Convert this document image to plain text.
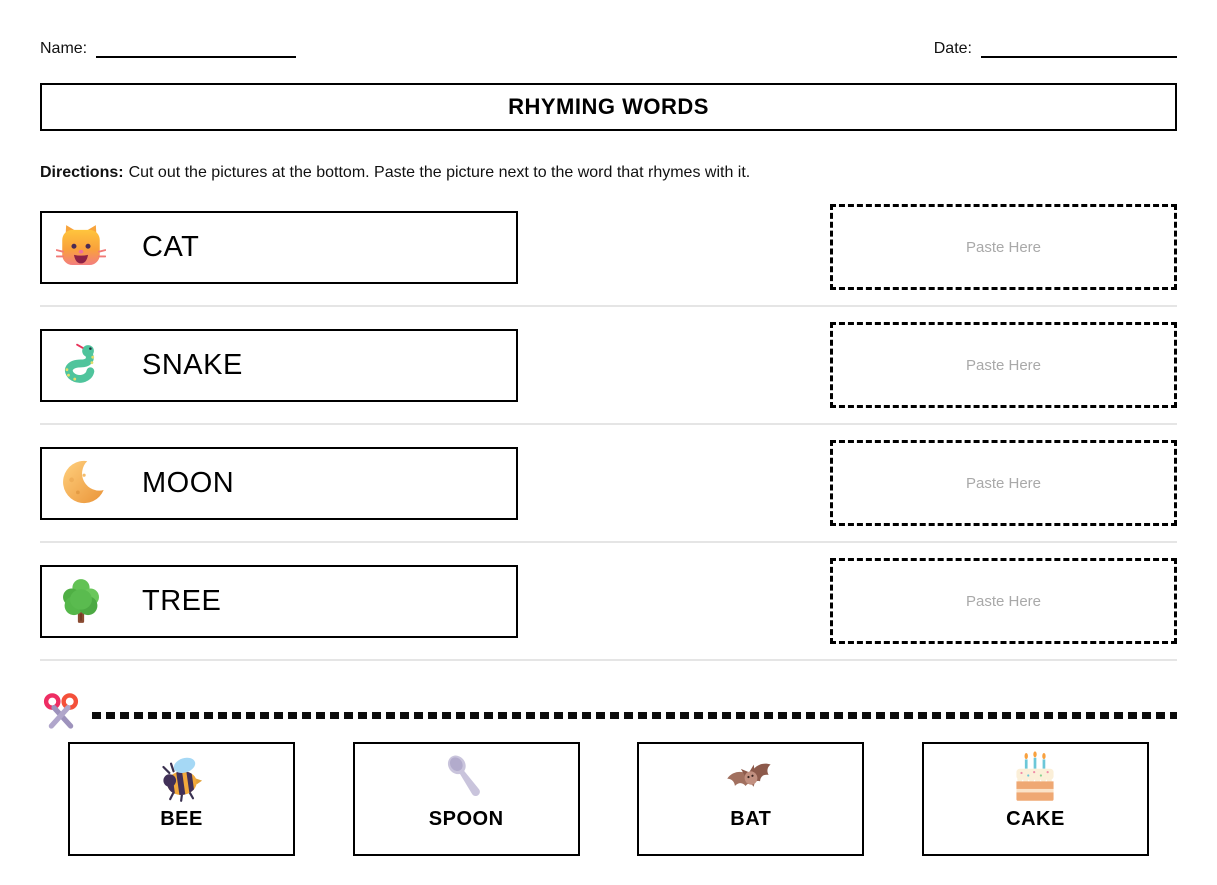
Name:	Date:
RHYMING WORDS

Directions: Cut out the pictures at the bottom. Paste the picture next to the word that rhymes with it.

CAT	Paste Here
SNAKE	Paste Here
MOON	Paste Here
TREE	Paste Here
BEE	SPOON	BAT	CAKE
